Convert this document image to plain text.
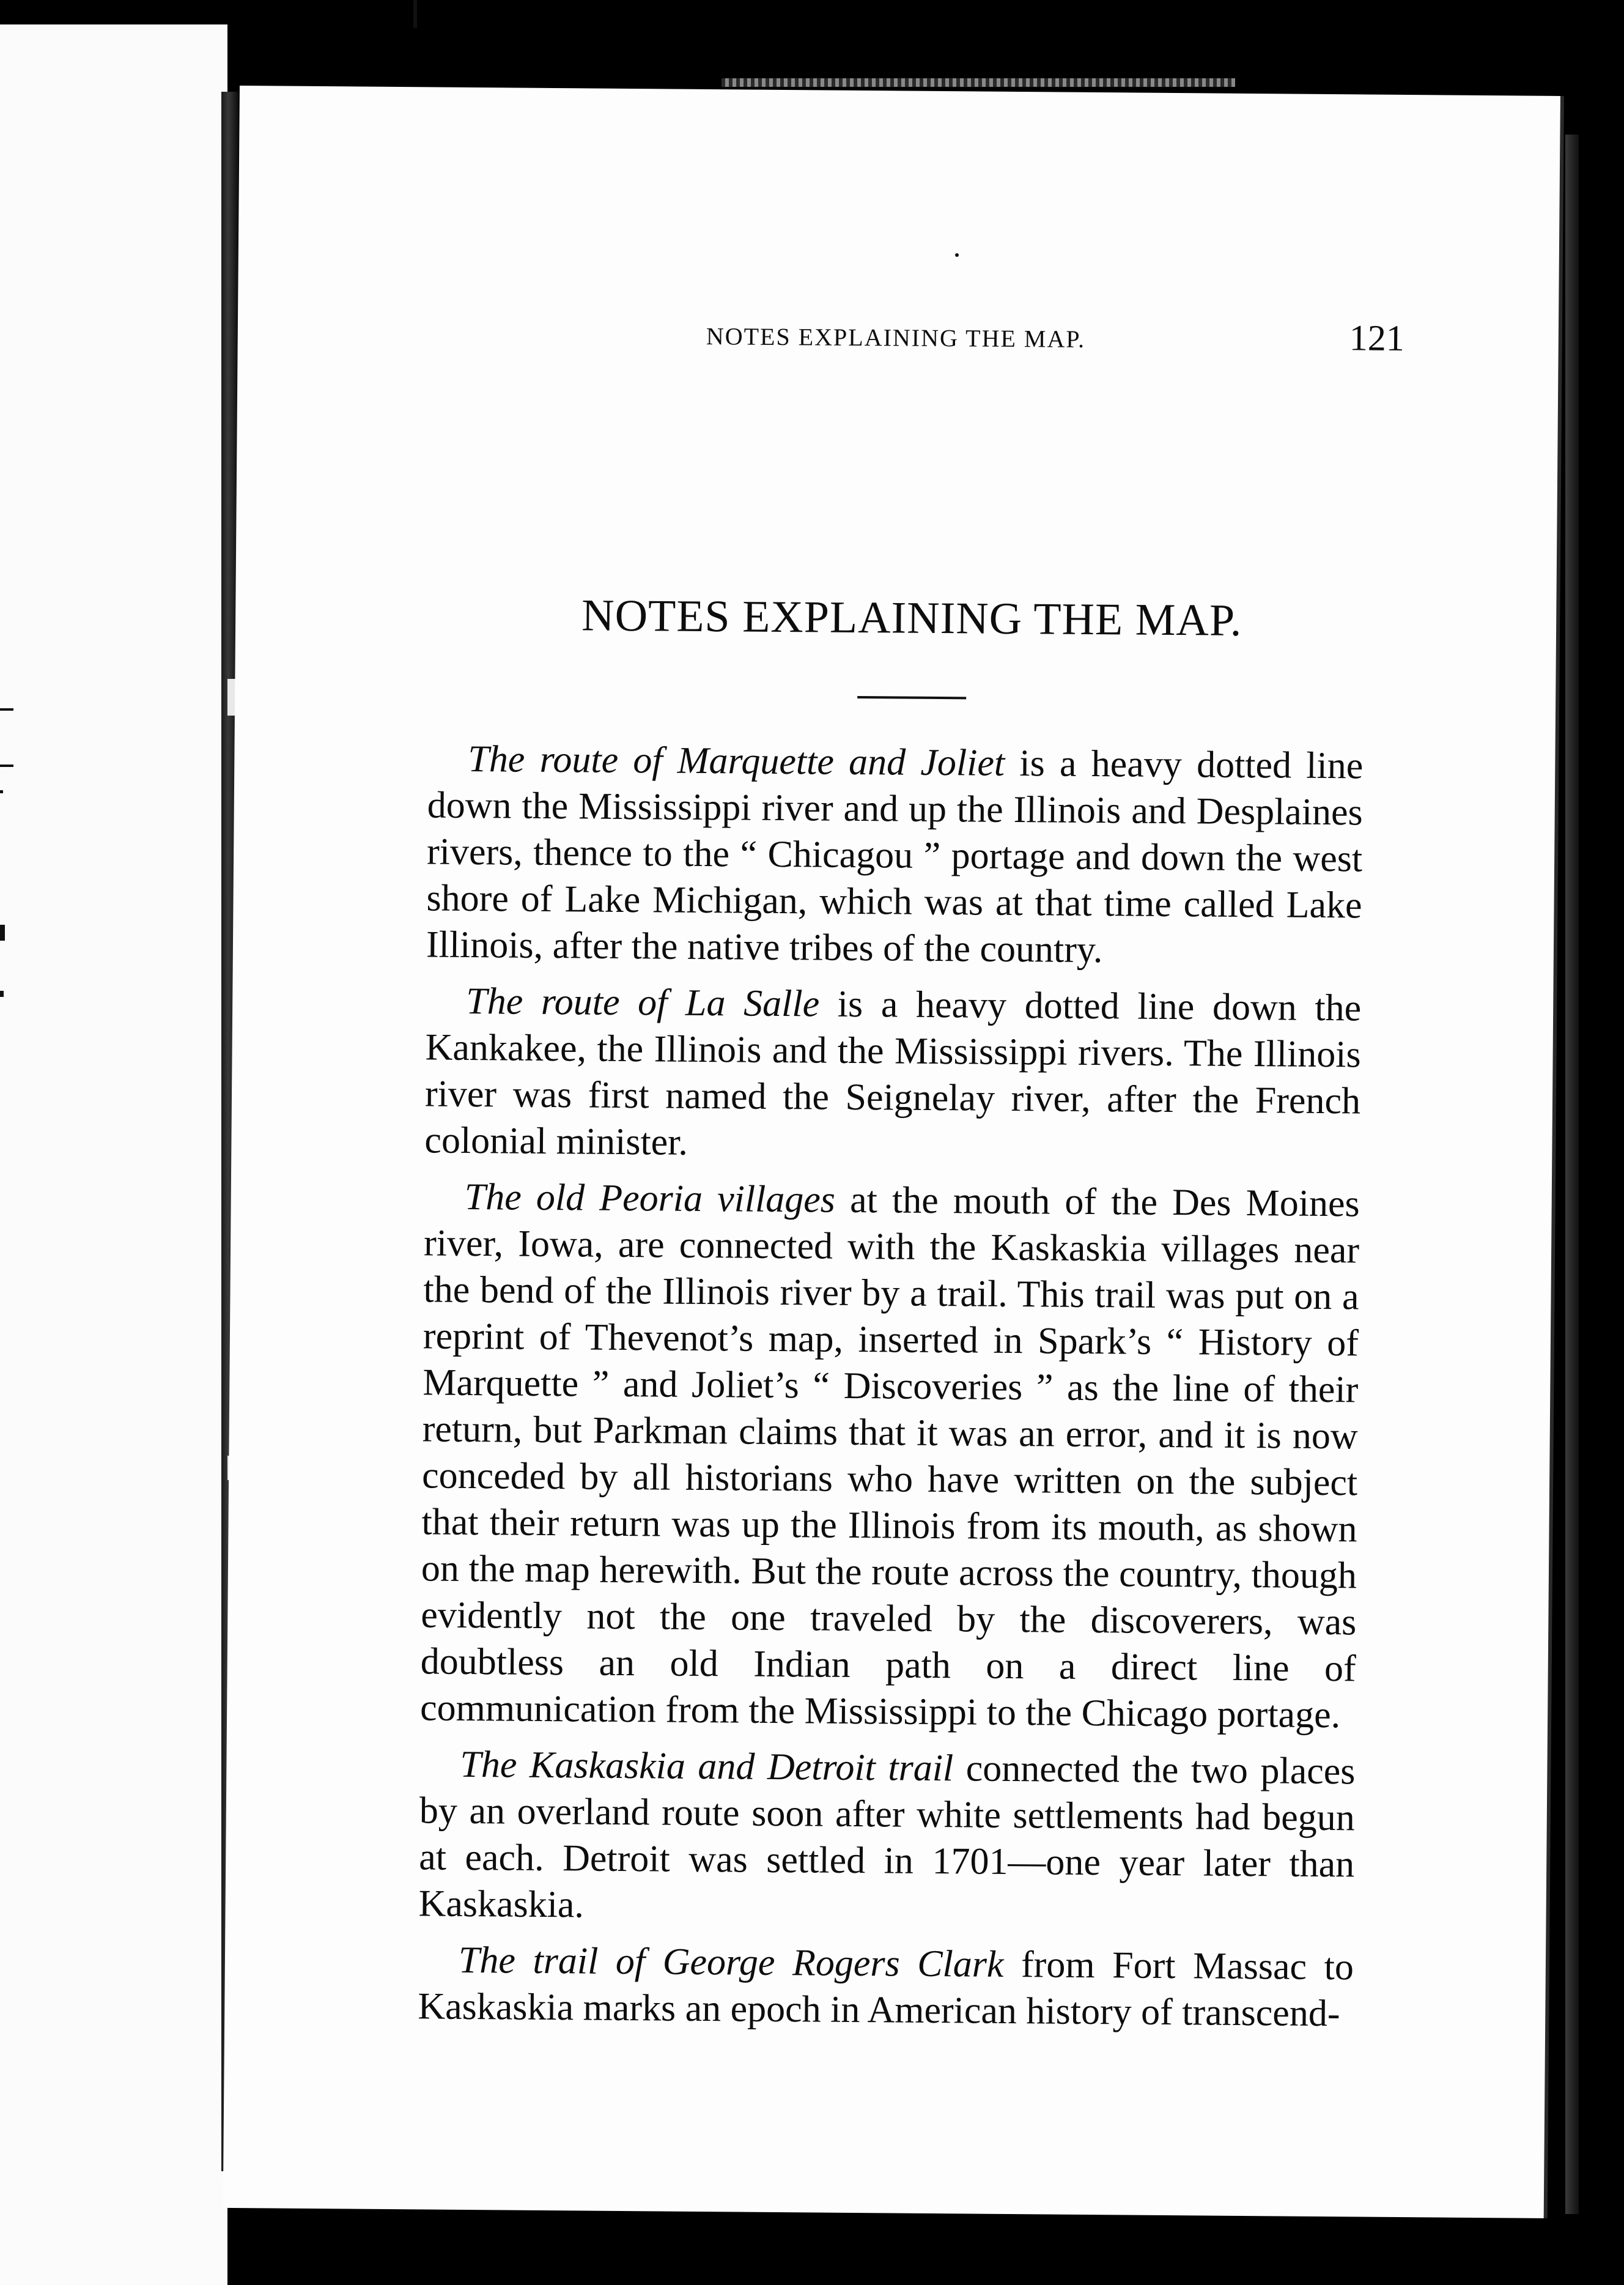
NOTES EXPLAINING THE MAP.	121
NOTES EXPLAINING THE MAP.

The route of Marquette and Joliet is a heavy dotted line down the Mississippi river and up the Illinois and Desplaines rivers, thence to the “ Chicagou ” portage and down the west shore of Lake Michigan, which was at that time called Lake Illinois, after the native tribes of the country.

The route of La Salle is a heavy dotted line down the Kankakee, the Illinois and the Mississippi rivers. The Illinois river was first named the Seignelay river, after the French colonial minister.

The old Peoria villages at the mouth of the Des Moines river, Iowa, are connected with the Kaskaskia villages near the bend of the Illinois river by a trail. This trail was put on a reprint of Thevenot’s map, inserted in Spark’s “ History of Marquette ” and Joliet’s “ Discoveries ” as the line of their return, but Parkman claims that it was an error, and it is now conceded by all historians who have written on the subject that their return was up the Illinois from its mouth, as shown on the map herewith. But the route across the country, though evidently not the one traveled by the discoverers, was doubtless an old Indian path on a direct line of communication from the Mississippi to the Chicago portage.

The Kaskaskia and Detroit trail connected the two places by an overland route soon after white settlements had begun at each. Detroit was settled in 1701—one year later than Kaskaskia.

The trail of George Rogers Clark from Fort Massac to Kaskaskia marks an epoch in American history of transcend-
